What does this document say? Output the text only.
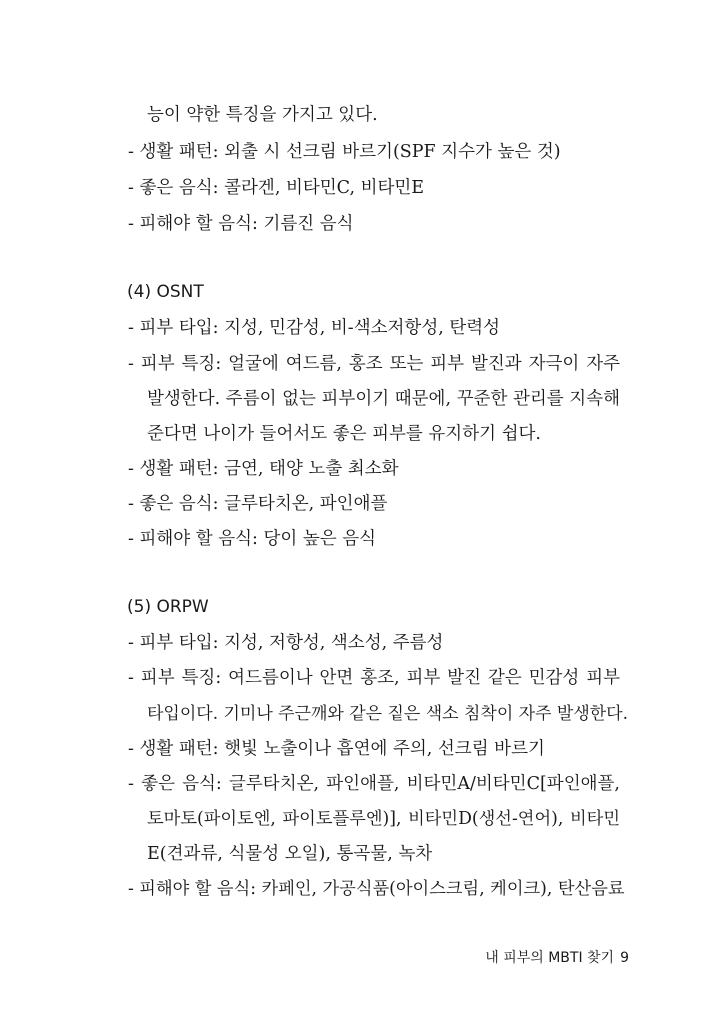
능이 약한 특징을 가지고 있다.
- 생활 패턴: 외출 시 선크림 바르기(SPF 지수가 높은 것)
- 좋은 음식: 콜라겐, 비타민C, 비타민E
- 피해야 할 음식: 기름진 음식
(4) OSNT
- 피부 타입: 지성, 민감성, 비-색소저항성, 탄력성
- 피부 특징: 얼굴에 여드름, 홍조 또는 피부 발진과 자극이 자주
발생한다. 주름이 없는 피부이기 때문에, 꾸준한 관리를 지속해
준다면 나이가 들어서도 좋은 피부를 유지하기 쉽다.
- 생활 패턴: 금연, 태양 노출 최소화
- 좋은 음식: 글루타치온, 파인애플
- 피해야 할 음식: 당이 높은 음식
(5) ORPW
- 피부 타입: 지성, 저항성, 색소성, 주름성
- 피부 특징: 여드름이나 안면 홍조, 피부 발진 같은 민감성 피부
타입이다. 기미나 주근깨와 같은 짙은 색소 침착이 자주 발생한다.
- 생활 패턴: 햇빛 노출이나 흡연에 주의, 선크림 바르기
- 좋은 음식: 글루타치온, 파인애플, 비타민A/비타민C[파인애플,
토마토(파이토엔, 파이토플루엔)], 비타민D(생선-연어), 비타민
E(견과류, 식물성 오일), 통곡물, 녹차
- 피해야 할 음식: 카페인, 가공식품(아이스크림, 케이크), 탄산음료
내 피부의 MBTI 찾기 9
